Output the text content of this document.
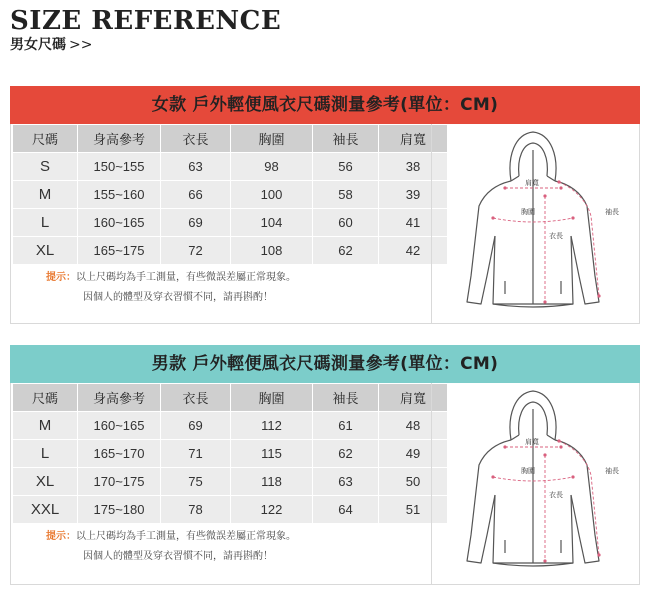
SIZE REFERENCE
男女尺碼 >>
女款 戶外輕便風衣尺碼測量參考(單位：CM)
尺碼	身高參考	衣長	胸圍	袖長	肩寬
S	150~155	63	98	56	38
M	155~160	66	100	58	39
L	160~165	69	104	60	41
XL	165~175	72	108	62	42
提示：以上尺碼均為手工測量，有些微誤差屬正常現象。
因個人的體型及穿衣習慣不同，請再斟酌！
肩寬
胸圍	袖長
衣長
男款 戶外輕便風衣尺碼測量參考(單位：CM)
尺碼	身高參考	衣長	胸圍	袖長	肩寬
M	160~165	69	112	61	48
L	165~170	71	115	62	49
XL	170~175	75	118	63	50
XXL	175~180	78	122	64	51
提示：以上尺碼均為手工測量，有些微誤差屬正常現象。
因個人的體型及穿衣習慣不同，請再斟酌！
肩寬
胸圍	袖長
衣長
